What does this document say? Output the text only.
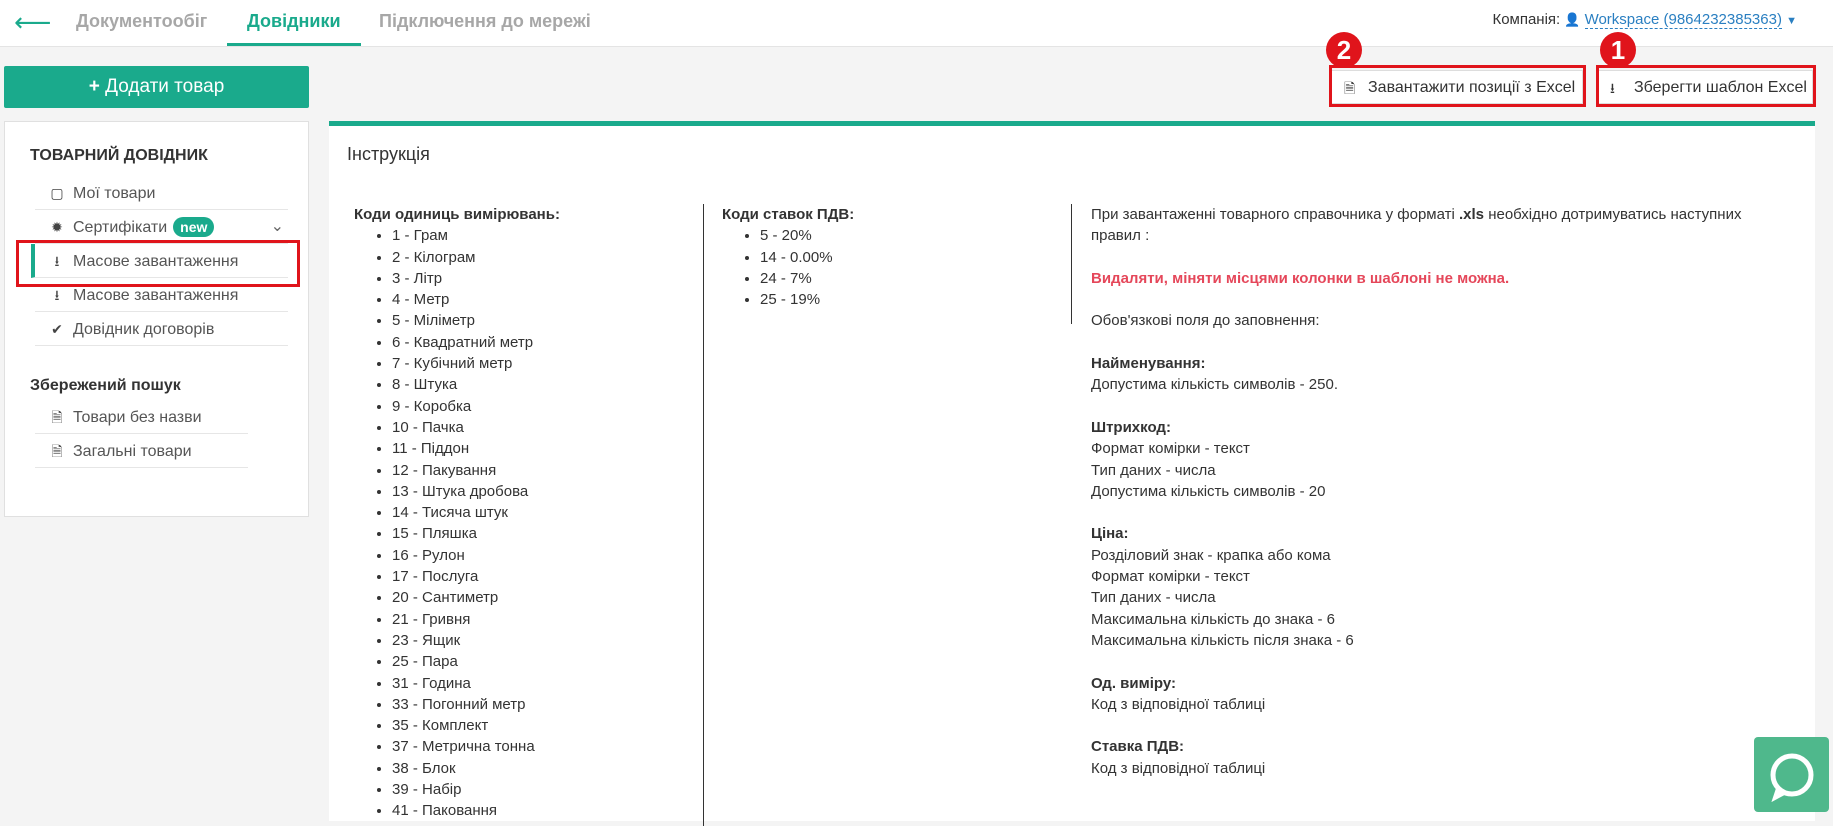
⟵ Документообіг	Довідники	Підключення до мережі	Компанія: 👤 Workspace (9864232385363) ▼
+ Додати товар
ТОВАРНИЙ ДОВІДНИК
▢ Мої товари
✹ Сертифікати new	⌄
⭳ Масове завантаження
⭳ Масове завантаження
✔ Довідник договорів
Збережений пошук
🗎 Товари без назви
🗎 Загальні товари
🗎 Завантажити позиції з Excel	⭳ Зберегти шаблон Excel
2	1
Інструкція
Коди одиниць вимірювань:
• 1 - Грам
• 2 - Кілограм
• 3 - Літр
• 4 - Метр
• 5 - Міліметр
• 6 - Квадратний метр
• 7 - Кубічний метр
• 8 - Штука
• 9 - Коробка
• 10 - Пачка
• 11 - Піддон
• 12 - Пакування
• 13 - Штука дробова
• 14 - Тисяча штук
• 15 - Пляшка
• 16 - Рулон
• 17 - Послуга
• 20 - Сантиметр
• 21 - Гривня
• 23 - Ящик
• 25 - Пара
• 31 - Година
• 33 - Погонний метр
• 35 - Комплект
• 37 - Метрична тонна
• 38 - Блок
• 39 - Набір
• 41 - Паковання
Коди ставок ПДВ:
• 5 - 20%
• 14 - 0.00%
• 24 - 7%
• 25 - 19%

При завантаженні товарного справочника у форматі .xls необхідно дотримуватись наступних правил :

Видаляти, міняти місцями колонки в шаблоні не можна.

Обов'язкові поля до заповнення:

Найменування:

Допустима кількість символів - 250.

Штрихкод:

Формат комірки - текст

Тип даних - числа

Допустима кількість символів - 20

Ціна:

Розділовий знак - крапка або кома

Формат комірки - текст

Тип даних - числа

Максимальна кількість до знака - 6

Максимальна кількість після знака - 6

Од. виміру:

Код з відповідної таблиці

Ставка ПДВ:

Код з відповідної таблиці
